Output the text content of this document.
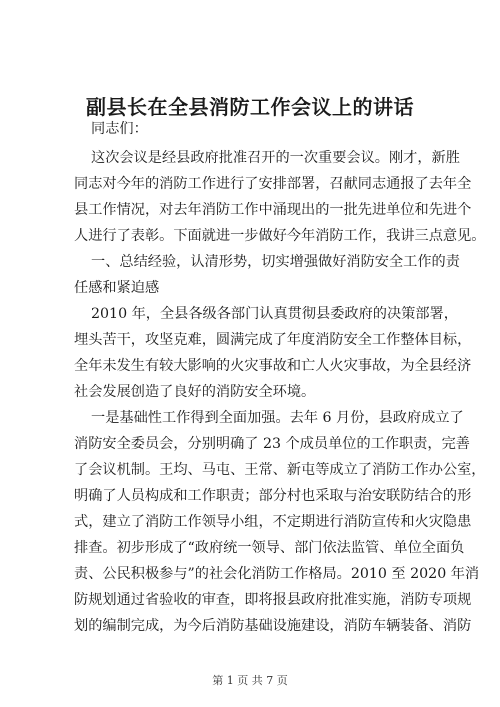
副县长在全县消防工作会议上的讲话
同志们：
这次会议是经县政府批准召开的一次重要会议。刚才，新胜
同志对今年的消防工作进行了安排部署，召献同志通报了去年全
县工作情况，对去年消防工作中涌现出的一批先进单位和先进个
人进行了表彰。下面就进一步做好今年消防工作，我讲三点意见。
一、总结经验，认清形势，切实增强做好消防安全工作的责
任感和紧迫感
2010 年，全县各级各部门认真贯彻县委政府的决策部署，
埋头苦干，攻坚克难，圆满完成了年度消防安全工作整体目标，
全年未发生有较大影响的火灾事故和亡人火灾事故，为全县经济
社会发展创造了良好的消防安全环境。
一是基础性工作得到全面加强。去年 6 月份，县政府成立了
消防安全委员会，分别明确了 23 个成员单位的工作职责，完善
了会议机制。王均、马屯、王常、新屯等成立了消防工作办公室，
明确了人员构成和工作职责；部分村也采取与治安联防结合的形
式，建立了消防工作领导小组，不定期进行消防宣传和火灾隐患
排查。初步形成了“政府统一领导、部门依法监管、单位全面负
责、公民积极参与”的社会化消防工作格局。2010 至 2020 年消
防规划通过省验收的审查，即将报县政府批准实施，消防专项规
划的编制完成，为今后消防基础设施建设，消防车辆装备、消防
第 1 页 共 7 页
